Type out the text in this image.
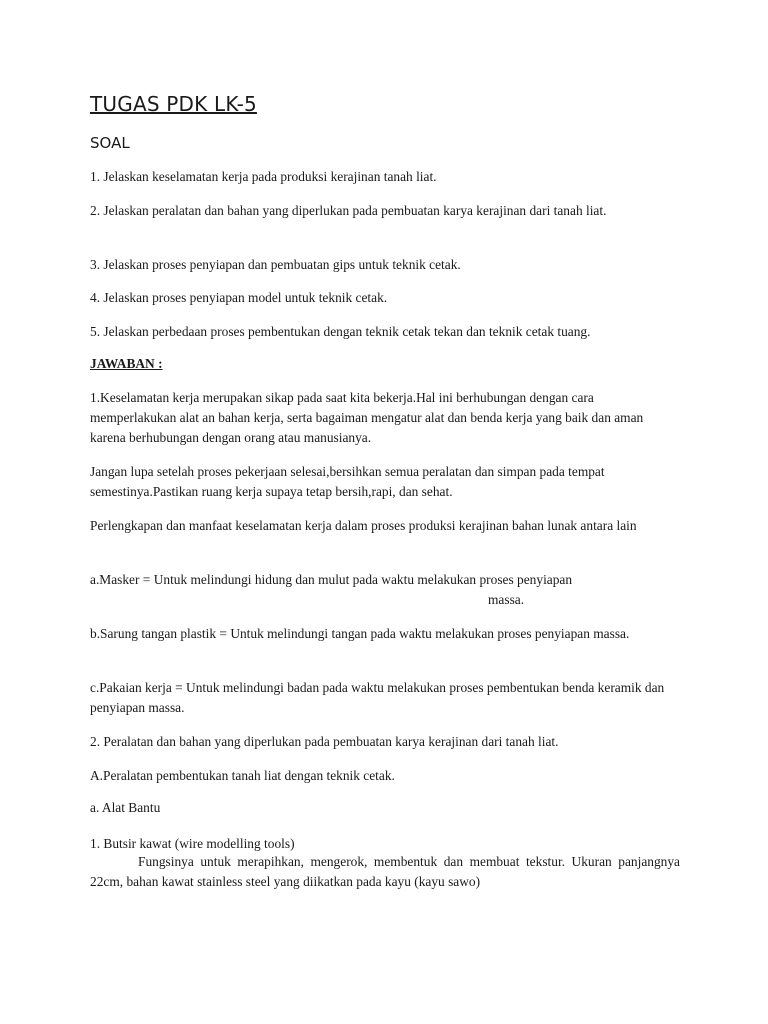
TUGAS PDK LK-5
SOAL

1. Jelaskan keselamatan kerja pada produksi kerajinan tanah liat.

2. Jelaskan peralatan dan bahan yang diperlukan pada pembuatan karya kerajinan dari tanah liat.

3. Jelaskan proses penyiapan dan pembuatan gips untuk teknik cetak.

4. Jelaskan proses penyiapan model untuk teknik cetak.

5. Jelaskan perbedaan proses pembentukan dengan teknik cetak tekan dan teknik cetak tuang.

JAWABAN :

1.Keselamatan kerja merupakan sikap pada saat kita bekerja.Hal ini berhubungan dengan cara memperlakukan alat an bahan kerja, serta bagaiman mengatur alat dan benda kerja yang baik dan aman karena berhubungan dengan orang atau manusianya.

Jangan lupa setelah proses pekerjaan selesai,bersihkan semua peralatan dan simpan pada tempat semestinya.Pastikan ruang kerja supaya tetap bersih,rapi, dan sehat.

Perlengkapan dan manfaat keselamatan kerja dalam proses produksi kerajinan bahan lunak antara lain

a.Masker = Untuk melindungi hidung dan mulut pada waktu melakukan proses penyiapan
massa.

b.Sarung tangan plastik = Untuk melindungi tangan pada waktu melakukan proses penyiapan massa.

c.Pakaian kerja = Untuk melindungi badan pada waktu melakukan proses pembentukan benda keramik dan penyiapan massa.

2. Peralatan dan bahan yang diperlukan pada pembuatan karya kerajinan dari tanah liat.

A.Peralatan pembentukan tanah liat dengan teknik cetak.

a. Alat Bantu

1. Butsir kawat (wire modelling tools)

Fungsinya untuk merapihkan, mengerok, membentuk dan membuat tekstur. Ukuran panjangnya 22cm, bahan kawat stainless steel yang diikatkan pada kayu (kayu sawo)
